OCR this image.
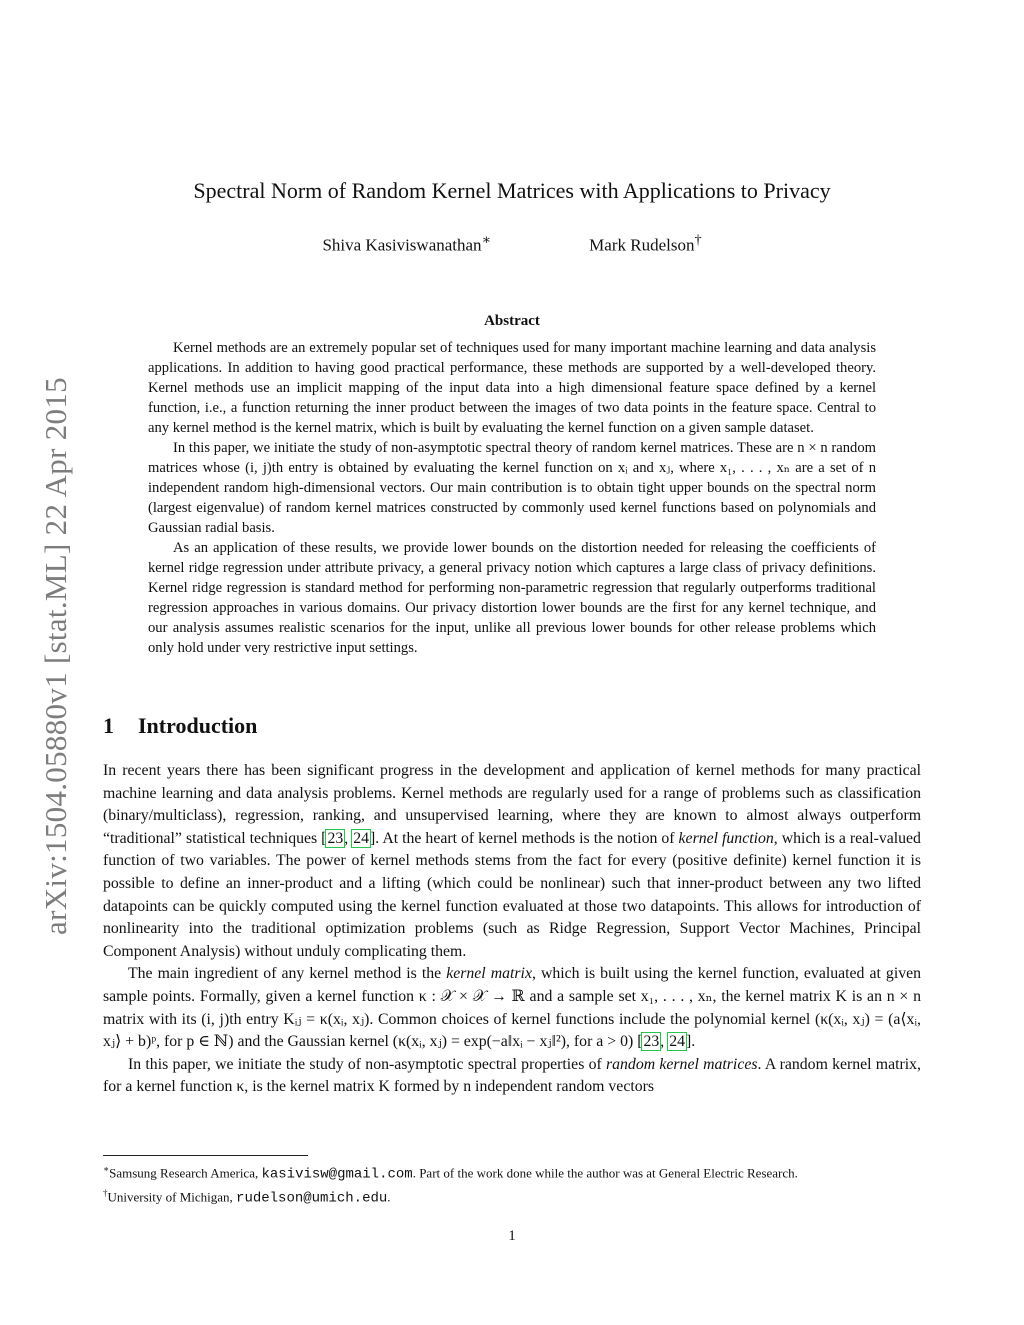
arXiv:1504.05880v1 [stat.ML] 22 Apr 2015
Spectral Norm of Random Kernel Matrices with Applications to Privacy
Shiva Kasiviswanathan∗	Mark Rudelson†
Abstract

Kernel methods are an extremely popular set of techniques used for many important machine learning and data analysis applications. In addition to having good practical performance, these methods are supported by a well-developed theory. Kernel methods use an implicit mapping of the input data into a high dimensional feature space defined by a kernel function, i.e., a function returning the inner product between the images of two data points in the feature space. Central to any kernel method is the kernel matrix, which is built by evaluating the kernel function on a given sample dataset.

In this paper, we initiate the study of non-asymptotic spectral theory of random kernel matrices. These are n × n random matrices whose (i, j)th entry is obtained by evaluating the kernel function on xᵢ and xⱼ, where x₁, . . . , xₙ are a set of n independent random high-dimensional vectors. Our main contribution is to obtain tight upper bounds on the spectral norm (largest eigenvalue) of random kernel matrices constructed by commonly used kernel functions based on polynomials and Gaussian radial basis.

As an application of these results, we provide lower bounds on the distortion needed for releasing the coefficients of kernel ridge regression under attribute privacy, a general privacy notion which captures a large class of privacy definitions. Kernel ridge regression is standard method for performing non-parametric regression that regularly outperforms traditional regression approaches in various domains. Our privacy distortion lower bounds are the first for any kernel technique, and our analysis assumes realistic scenarios for the input, unlike all previous lower bounds for other release problems which only hold under very restrictive input settings.

1 Introduction

In recent years there has been significant progress in the development and application of kernel methods for many practical machine learning and data analysis problems. Kernel methods are regularly used for a range of problems such as classification (binary/multiclass), regression, ranking, and unsupervised learning, where they are known to almost always outperform “traditional” statistical techniques [23, 24]. At the heart of kernel methods is the notion of kernel function, which is a real-valued function of two variables. The power of kernel methods stems from the fact for every (positive definite) kernel function it is possible to define an inner-product and a lifting (which could be nonlinear) such that inner-product between any two lifted datapoints can be quickly computed using the kernel function evaluated at those two datapoints. This allows for introduction of nonlinearity into the traditional optimization problems (such as Ridge Regression, Support Vector Machines, Principal Component Analysis) without unduly complicating them.

The main ingredient of any kernel method is the kernel matrix, which is built using the kernel function, evaluated at given sample points. Formally, given a kernel function κ : 𝒳 × 𝒳 → ℝ and a sample set x₁, . . . , xₙ, the kernel matrix K is an n × n matrix with its (i, j)th entry Kᵢⱼ = κ(xᵢ, xⱼ). Common choices of kernel functions include the polynomial kernel (κ(xᵢ, xⱼ) = (a⟨xᵢ, xⱼ⟩ + b)ᵖ, for p ∈ ℕ) and the Gaussian kernel (κ(xᵢ, xⱼ) = exp(−a‖xᵢ − xⱼ‖²), for a > 0) [23, 24].

In this paper, we initiate the study of non-asymptotic spectral properties of random kernel matrices. A random kernel matrix, for a kernel function κ, is the kernel matrix K formed by n independent random vectors

∗Samsung Research America, kasivisw@gmail.com. Part of the work done while the author was at General Electric Research.
†University of Michigan, rudelson@umich.edu.
1
